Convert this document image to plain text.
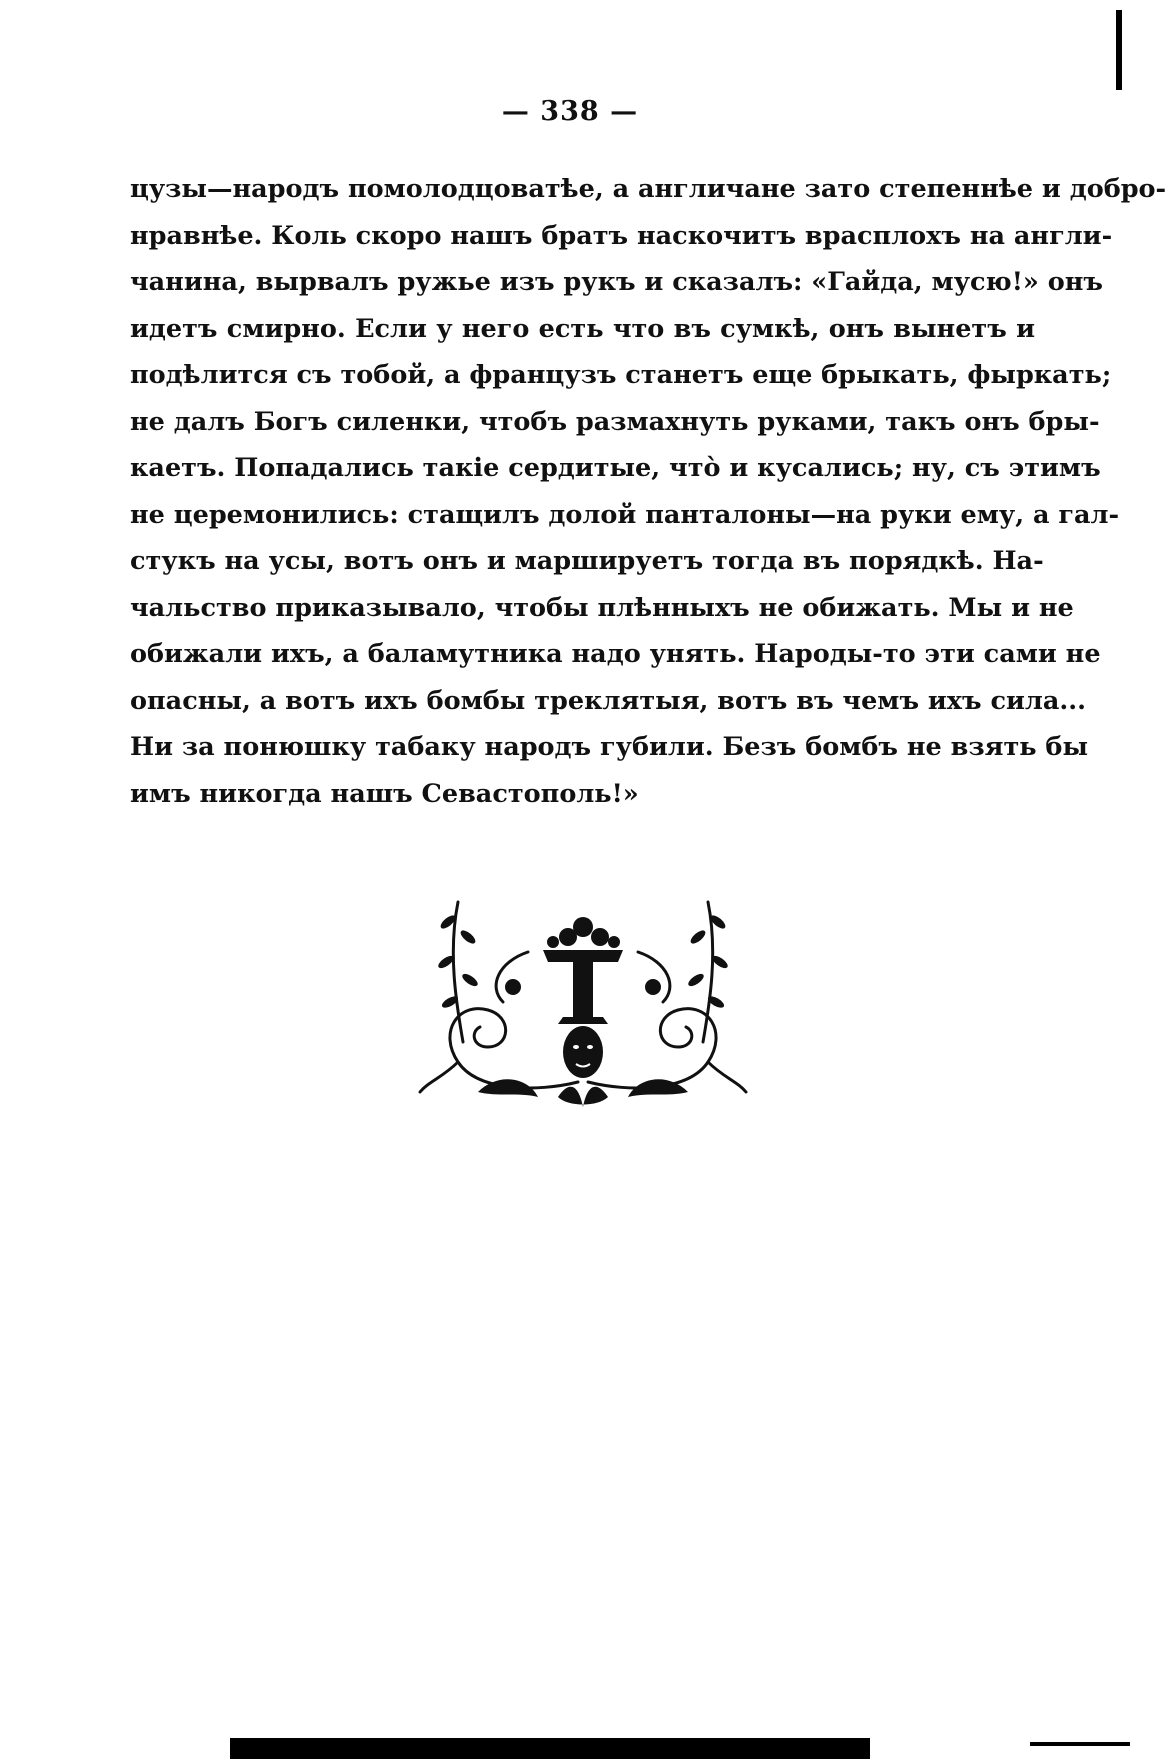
— 338 —
цузы—народъ помолодцоватѣе, а англичане зато степеннѣе и добро-
нравнѣе. Коль скоро нашъ братъ наскочитъ врасплохъ на англи-
чанина, вырвалъ ружье изъ рукъ и сказалъ: «Гайда, мусю!» онъ
идетъ смирно. Если у него есть что въ сумкѣ, онъ вынетъ и
подѣлится съ тобой, а французъ станетъ еще брыкать, фыркать;
не далъ Богъ силенки, чтобъ размахнуть руками, такъ онъ бры-
каетъ. Попадались такіе сердитые, что̀ и кусались; ну, съ этимъ
не церемонились: стащилъ долой панталоны—на руки ему, а гал-
стукъ на усы, вотъ онъ и маршируетъ тогда въ порядкѣ. На-
чальство приказывало, чтобы плѣнныхъ не обижать. Мы и не
обижали ихъ, а баламутника надо унять. Народы-то эти сами не
опасны, а вотъ ихъ бомбы треклятыя, вотъ въ чемъ ихъ сила...
Ни за понюшку табаку народъ губили. Безъ бомбъ не взять бы
имъ никогда нашъ Севастополь!»
